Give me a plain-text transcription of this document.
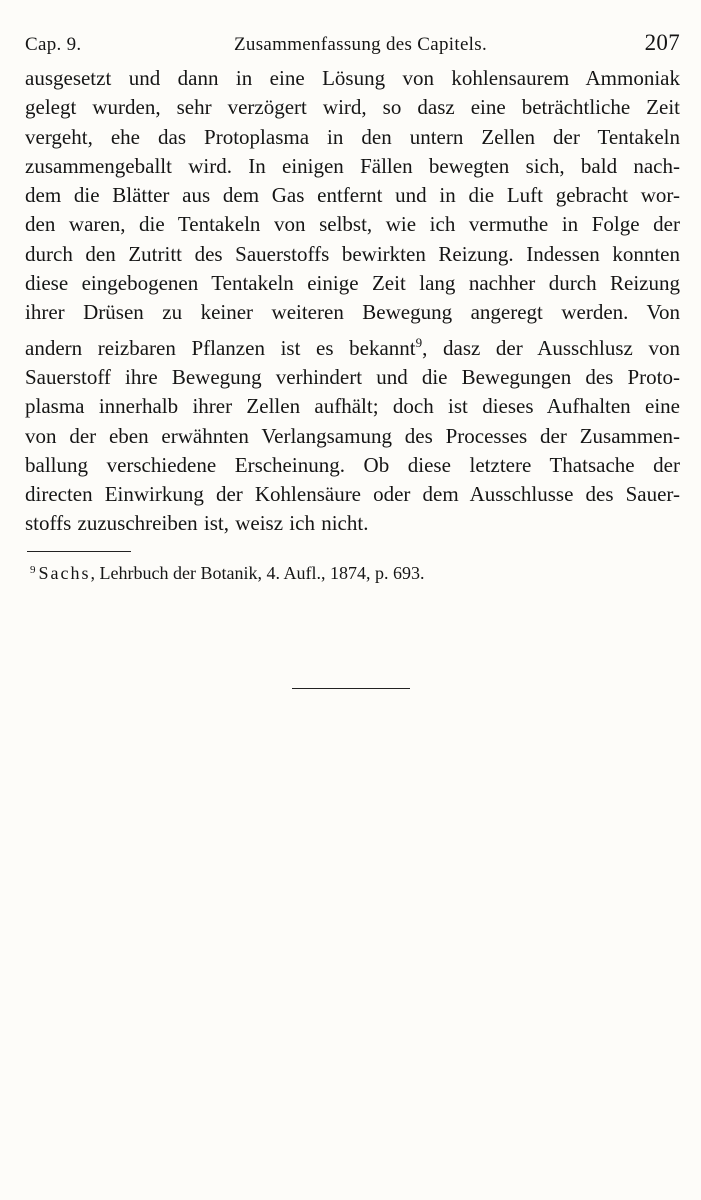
Cap. 9.	Zusammenfassung des Capitels.	207

ausgesetzt und dann in eine Lösung von kohlensaurem Ammoniak
gelegt wurden, sehr verzögert wird, so dasz eine beträchtliche Zeit
vergeht, ehe das Protoplasma in den untern Zellen der Tentakeln
zusammengeballt wird. In einigen Fällen bewegten sich, bald nach-
dem die Blätter aus dem Gas entfernt und in die Luft gebracht wor-
den waren, die Tentakeln von selbst, wie ich vermuthe in Folge der
durch den Zutritt des Sauerstoffs bewirkten Reizung. Indessen konnten
diese eingebogenen Tentakeln einige Zeit lang nachher durch Reizung
ihrer Drüsen zu keiner weiteren Bewegung angeregt werden. Von
andern reizbaren Pflanzen ist es bekannt$^9$, dasz der Ausschlusz von
Sauerstoff ihre Bewegung verhindert und die Bewegungen des Proto-
plasma innerhalb ihrer Zellen aufhält; doch ist dieses Aufhalten eine
von der eben erwähnten Verlangsamung des Processes der Zusammen-
ballung verschiedene Erscheinung. Ob diese letztere Thatsache der
directen Einwirkung der Kohlensäure oder dem Ausschlusse des Sauer-
stoffs zuzuschreiben ist, weisz ich nicht.

$^9$ Sachs, Lehrbuch der Botanik, 4. Aufl., 1874, p. 693.
